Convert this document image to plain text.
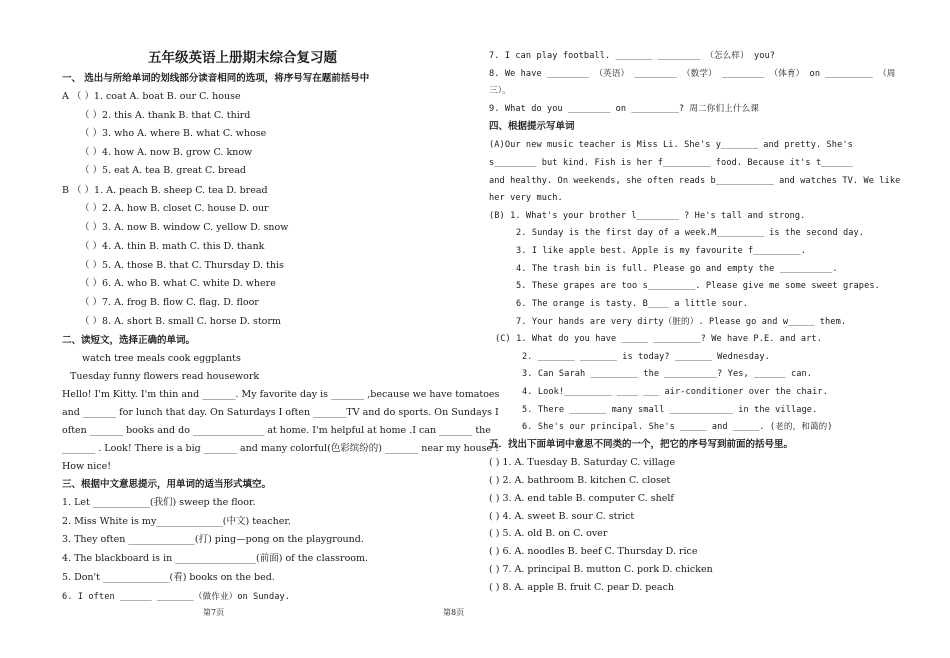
五年级英语上册期末综合复习题
一、 选出与所给单词的划线部分读音相同的选项，将序号写在题前括号中
A （ ）1. coat A. boat B. our C. house
（ ）2. this A. thank B. that C. third
（ ）3. who A. where B. what C. whose
（ ）4. how A. now B. grow C. know
（ ）5. eat A. tea B. great C. bread
B （ ）1. A. peach B. sheep C. tea D. bread
（ ）2. A. how B. closet C. house D. our
（ ）3. A. now B. window C. yellow D. snow
（ ）4. A. thin B. math C. this D. thank
（ ）5. A. those B. that C. Thursday D. this
（ ）6. A. who B. what C. white D. where
（ ）7. A. frog B. flow C. flag. D. floor
（ ）8. A. short B. small C. horse D. storm
二、读短文，选择正确的单词。
watch tree meals cook eggplants
Tuesday funny flowers read housework
Hello! I'm Kitty. I'm thin and _______. My favorite day is _______ ,because we have tomatoes
and _______ for lunch that day. On Saturdays I often _______TV and do sports. On Sundays I
often _______ books and do _______________ at home. I'm helpful at home .I can _______ the
_______ . Look! There is a big _______ and many colorful(色彩缤纷的) _______ near my house !
How nice!
三、根据中文意思提示，用单词的适当形式填空。
1. Let ____________(我们) sweep the floor.
2. Miss White is my______________(中文) teacher.
3. They often ______________(打) ping—pong on the playground.
4. The blackboard is in _________________(前面) of the classroom.
5. Don't ______________(看) books on the bed.
6. I often ______ _______（做作业）on Sunday.
第7页
7. I can play football. _______ ________ （怎么样） you?
8. We have ________ （英语） ________ （数学） ________ （体育） on _________ （周
三）。
9. What do you ________ on _________? 周二你们上什么课
四、根据提示写单词
(A)Our new music teacher is Miss Li. She's y_______ and pretty. She's
s________ but kind. Fish is her f_________ food. Because it's t______
and healthy. On weekends, she often reads b___________ and watches TV. We like
her very much.
(B) 1. What's your brother l________ ? He's tall and strong.
2. Sunday is the first day of a week.M_________ is the second day.
3. I like apple best. Apple is my favourite f_________.
4. The trash bin is full. Please go and empty the __________.
5. These grapes are too s_________. Please give me some sweet grapes.
6. The orange is tasty. B____ a little sour.
7. Your hands are very dirty（脏的）. Please go and w_____ them.
(C) 1. What do you have _____ _________? We have P.E. and art.
2. _______ _______ is today? _______ Wednesday.
3. Can Sarah _________ the __________? Yes, ______ can.
4. Look!_________ ____ ___ air-conditioner over the chair.
5. There _______ many small ____________ in the village.
6. She's our principal. She's _____ and _____. (老的，和蔼的)
五．找出下面单词中意思不同类的一个，把它的序号写到前面的括号里。
( ) 1. A. Tuesday B. Saturday C. village
( ) 2. A. bathroom B. kitchen C. closet
( ) 3. A. end table B. computer C. shelf
( ) 4. A. sweet B. sour C. strict
( ) 5. A. old B. on C. over
( ) 6. A. noodles B. beef C. Thursday D. rice
( ) 7. A. principal B. mutton C. pork D. chicken
( ) 8. A. apple B. fruit C. pear D. peach
第8页
